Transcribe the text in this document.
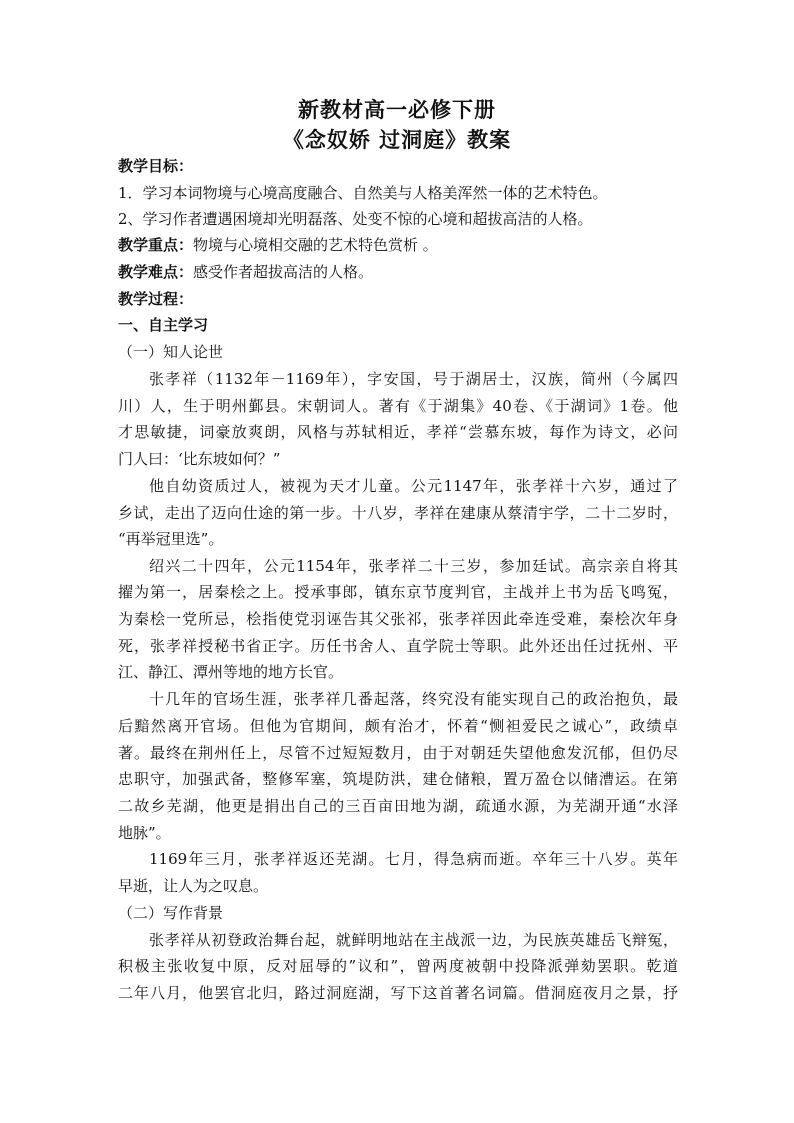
新教材高一必修下册
《念奴娇 过洞庭》教案
教学目标：
1．学习本词物境与心境高度融合、自然美与人格美浑然一体的艺术特色。
2、学习作者遭遇困境却光明磊落、处变不惊的心境和超拔高洁的人格。
教学重点：物境与心境相交融的艺术特色赏析 。
教学难点：感受作者超拔高洁的人格。
教学过程：
一、自主学习
（一）知人论世
张孝祥（1132年－1169年），字安国，号于湖居士，汉族，简州（今属四
川）人，生于明州鄞县。宋朝词人。著有《于湖集》40卷、《于湖词》1卷。他
才思敏捷，词豪放爽朗，风格与苏轼相近，孝祥“尝慕东坡，每作为诗文，必问
门人曰：‘比东坡如何？”
他自幼资质过人，被视为天才儿童。公元1147年，张孝祥十六岁，通过了
乡试，走出了迈向仕途的第一步。十八岁，孝祥在建康从蔡清宇学，二十二岁时，
“再举冠里选”。
绍兴二十四年，公元1154年，张孝祥二十三岁，参加廷试。高宗亲自将其
擢为第一，居秦桧之上。授承事郎，镇东京节度判官，主战并上书为岳飞鸣冤，
为秦桧一党所忌，桧指使党羽诬告其父张祁，张孝祥因此牵连受难，秦桧次年身
死，张孝祥授秘书省正字。历任书舍人、直学院士等职。此外还出任过抚州、平
江、静江、潭州等地的地方长官。
十几年的官场生涯，张孝祥几番起落，终究没有能实现自己的政治抱负，最
后黯然离开官场。但他为官期间，颇有治才，怀着“恻袒爱民之诚心”，政绩卓
著。最终在荆州任上，尽管不过短短数月，由于对朝廷失望他愈发沉郁，但仍尽
忠职守，加强武备，整修军塞，筑堤防洪，建仓储粮，置万盈仓以储漕运。在第
二故乡芜湖，他更是捐出自己的三百亩田地为湖，疏通水源，为芜湖开通“水泽
地脉”。
1169年三月，张孝祥返还芜湖。七月，得急病而逝。卒年三十八岁。英年
早逝，让人为之叹息。
（二）写作背景
张孝祥从初登政治舞台起，就鲜明地站在主战派一边，为民族英雄岳飞辩冤，
积极主张收复中原，反对屈辱的”议和”，曾两度被朝中投降派弹劾罢职。乾道
二年八月，他罢官北归，路过洞庭湖，写下这首著名词篇。借洞庭夜月之景，抒
